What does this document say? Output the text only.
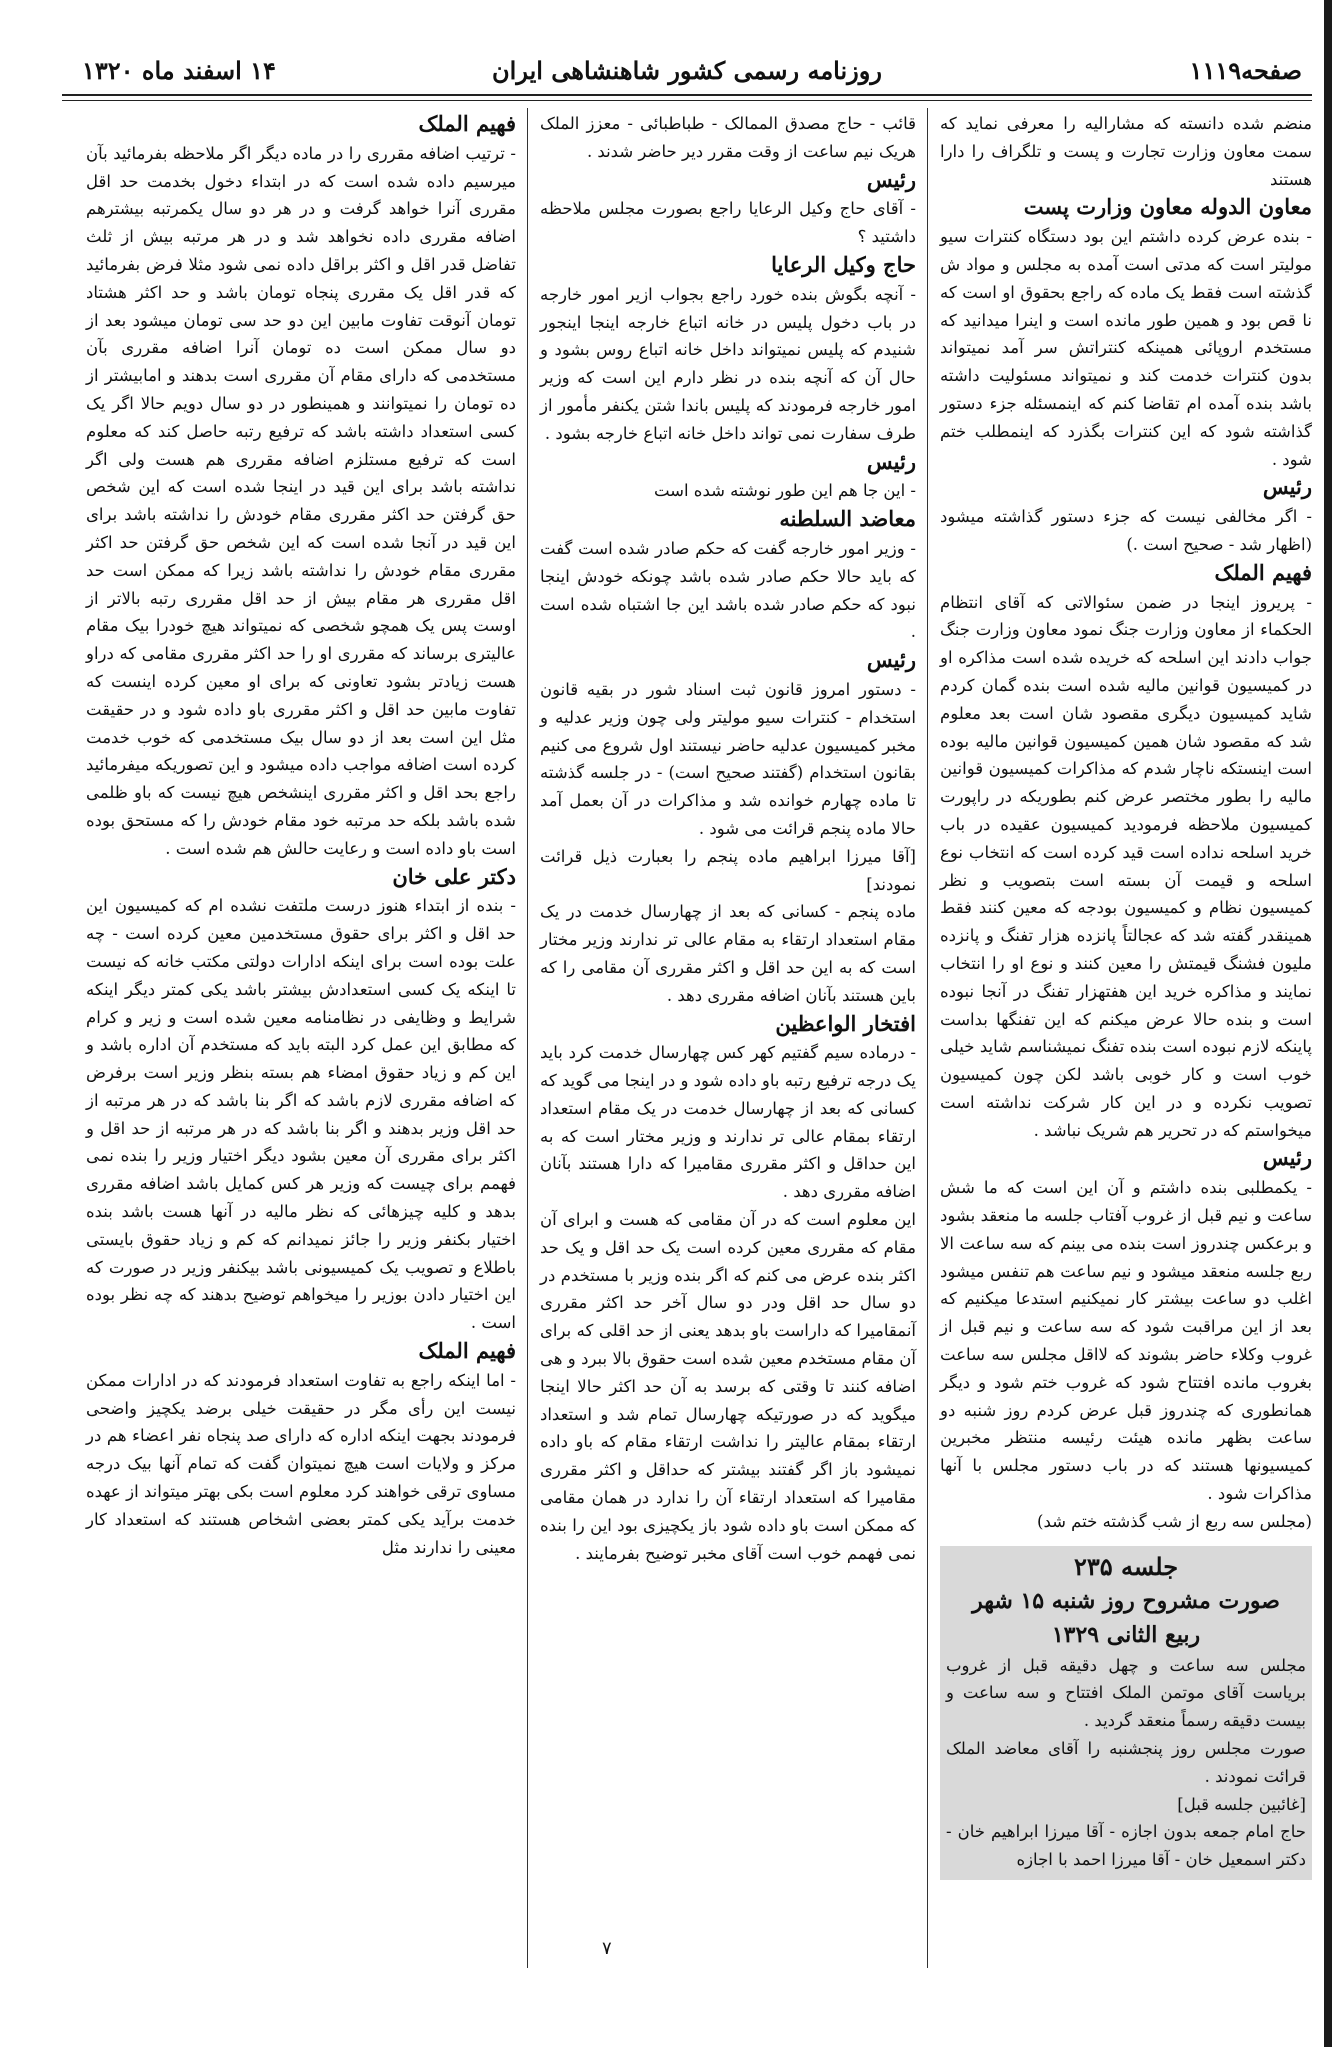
صفحه۱۱۱۹
روزنامه رسمی کشور شاهنشاهی ایران
۱۴ اسفند ماه ۱۳۲۰

منضم شده دانسته که مشارالیه را معرفی نماید که سمت معاون وزارت تجارت و پست و تلگراف را دارا هستند

معاون الدوله معاون وزارت پست

- بنده عرض کرده داشتم این بود دستگاه کنترات سیو مولیتر است که مدتی است آمده به مجلس و مواد ش گذشته است فقط یک ماده که راجع بحقوق او است که نا قص بود و همین طور مانده است و اینرا میدانید که مستخدم اروپائی همینکه کنتراتش سر آمد نمیتواند بدون کنترات خدمت کند و نمیتواند مسئولیت داشته باشد بنده آمده ام تقاضا کنم که اینمسئله جزء دستور گذاشته شود که این کنترات بگذرد که اینمطلب ختم شود .

رئیس

- اگر مخالفی نیست که جزء دستور گذاشته میشود (اظهار شد - صحیح است .)

فهیم الملک

- پریروز اینجا در ضمن سئوالاتی که آقای انتظام الحکماء از معاون وزارت جنگ نمود معاون وزارت جنگ جواب دادند این اسلحه که خریده شده است مذاکره او در کمیسیون قوانین مالیه شده است بنده گمان کردم شاید کمیسیون دیگری مقصود شان است بعد معلوم شد که مقصود شان همین کمیسیون قوانین مالیه بوده است اینستکه ناچار شدم که مذاکرات کمیسیون قوانین مالیه را بطور مختصر عرض کنم بطوریکه در راپورت کمیسیون ملاحظه فرمودید کمیسیون عقیده در باب خرید اسلحه نداده است قید کرده است که انتخاب نوع اسلحه و قیمت آن بسته است بتصویب و نظر کمیسیون نظام و کمیسیون بودجه که معین کنند فقط همینقدر گفته شد که عجالتاً پانزده هزار تفنگ و پانزده ملیون فشنگ قیمتش را معین کنند و نوع او را انتخاب نمایند و مذاکره خرید این هفتهزار تفنگ در آنجا نبوده است و بنده حالا عرض میکنم که این تفنگها بداست پاینکه لازم نبوده است بنده تفنگ نمیشناسم شاید خیلی خوب است و کار خوبی باشد لکن چون کمیسیون تصویب نکرده و در این کار شرکت نداشته است میخواستم که در تحریر هم شریک نباشد .

رئیس

- یکمطلبی بنده داشتم و آن این است که ما شش ساعت و نیم قبل از غروب آفتاب جلسه ما منعقد بشود و برعکس چندروز است بنده می بینم که سه ساعت الا ربع جلسه منعقد میشود و نیم ساعت هم تنفس میشود اغلب دو ساعت بیشتر کار نمیکنیم استدعا میکنیم که بعد از این مراقبت شود که سه ساعت و نیم قبل از غروب وکلاء حاضر بشوند که لااقل مجلس سه ساعت بغروب مانده افتتاح شود که غروب ختم شود و دیگر همانطوری که چندروز قبل عرض کردم روز شنبه دو ساعت بظهر مانده هیئت رئیسه منتظر مخبرین کمیسیونها هستند که در باب دستور مجلس با آنها مذاکرات شود .

(مجلس سه ربع از شب گذشته ختم شد)

جلسه ۲۳۵
صورت مشروح روز شنبه ۱۵ شهر
ربیع الثانی ۱۳۲۹

مجلس سه ساعت و چهل دقیقه قبل از غروب بریاست آقای موتمن الملک افتتاح و سه ساعت و بیست دقیقه رسماً منعقد گردید .

صورت مجلس روز پنجشنبه را آقای معاضد الملک قرائت نمودند .

[غائبین جلسه قبل]

حاج امام جمعه بدون اجازه - آقا میرزا ابراهیم خان - دکتر اسمعیل خان - آقا میرزا احمد با اجازه

قائب - حاج مصدق الممالک - طباطبائی - معزز الملک هریک نیم ساعت از وقت مقرر دیر حاضر شدند .

رئیس

- آقای حاج وکیل الرعایا راجع بصورت مجلس ملاحظه داشتید ؟

حاج وکیل الرعایا

- آنچه بگوش بنده خورد راجع بجواب ازیر امور خارجه در باب دخول پلیس در خانه اتباع خارجه اینجا اینجور شنیدم که پلیس نمیتواند داخل خانه اتباع روس بشود و حال آن که آنچه بنده در نظر دارم این است که وزیر امور خارجه فرمودند که پلیس باندا شتن یکنفر مأمور از طرف سفارت نمی تواند داخل خانه اتباع خارجه بشود .

رئیس

- این جا هم این طور نوشته شده است

معاضد السلطنه

- وزیر امور خارجه گفت که حکم صادر شده است گفت که باید حالا حکم صادر شده باشد چونکه خودش اینجا نبود که حکم صادر شده باشد این جا اشتباه شده است .

رئیس

- دستور امروز قانون ثبت اسناد شور در بقیه قانون استخدام - کنترات سیو مولیتر ولی چون وزیر عدلیه و مخبر کمیسیون عدلیه حاضر نیستند اول شروع می کنیم بقانون استخدام (گفتند صحیح است) - در جلسه گذشته تا ماده چهارم خوانده شد و مذاکرات در آن بعمل آمد حالا ماده پنجم قرائت می شود .

[آقا میرزا ابراهیم ماده پنجم را بعبارت ذیل قرائت نمودند]

ماده پنجم - کسانی که بعد از چهارسال خدمت در یک مقام استعداد ارتقاء به مقام عالی تر ندارند وزیر مختار است که به این حد اقل و اکثر مقرری آن مقامی را که باین هستند بآنان اضافه مقرری دهد .

افتخار الواعظین

- درماده سیم گفتیم کهر کس چهارسال خدمت کرد باید یک درجه ترفیع رتبه باو داده شود و در اینجا می گوید که کسانی که بعد از چهارسال خدمت در یک مقام استعداد ارتقاء بمقام عالی تر ندارند و وزیر مختار است که به این حداقل و اکثر مقرری مقامیرا که دارا هستند بآنان اضافه مقرری دهد .

این معلوم است که در آن مقامی که هست و ابرای آن مقام که مقرری معین کرده است یک حد اقل و یک حد اکثر بنده عرض می کنم که اگر بنده وزیر با مستخدم در دو سال حد اقل ودر دو سال آخر حد اکثر مقرری آنمقامیرا که داراست باو بدهد یعنی از حد اقلی که برای آن مقام مستخدم معین شده است حقوق بالا ببرد و هی اضافه کنند تا وقتی که برسد به آن حد اکثر حالا اینجا میگوید که در صورتیکه چهارسال تمام شد و استعداد ارتقاء بمقام عالیتر را نداشت ارتقاء مقام که باو داده نمیشود باز اگر گفتند بیشتر که حداقل و اکثر مقرری مقامیرا که استعداد ارتقاء آن را ندارد در همان مقامی که ممکن است باو داده شود باز یکچیزی بود این را بنده نمی فهمم خوب است آقای مخبر توضیح بفرمایند .

فهیم الملک

- ترتیب اضافه مقرری را در ماده دیگر اگر ملاحظه بفرمائید بآن میرسیم داده شده است که در ابتداء دخول بخدمت حد اقل مقرری آنرا خواهد گرفت و در هر دو سال یکمرتبه بیشترهم اضافه مقرری داده نخواهد شد و در هر مرتبه بیش از ثلث تفاضل قدر اقل و اکثر براقل داده نمی شود مثلا فرض بفرمائید که قدر اقل یک مقرری پنجاه تومان باشد و حد اکثر هشتاد تومان آنوقت تفاوت مابین این دو حد سی تومان میشود بعد از دو سال ممکن است ده تومان آنرا اضافه مقرری بآن مستخدمی که دارای مقام آن مقرری است بدهند و امابیشتر از ده تومان را نمیتوانند و همینطور در دو سال دویم حالا اگر یک کسی استعداد داشته باشد که ترفیع رتبه حاصل کند که معلوم است که ترفیع مستلزم اضافه مقرری هم هست ولی اگر نداشته باشد برای این قید در اینجا شده است که این شخص حق گرفتن حد اکثر مقرری مقام خودش را نداشته باشد برای این قید در آنجا شده است که این شخص حق گرفتن حد اکثر مقرری مقام خودش را نداشته باشد زیرا که ممکن است حد اقل مقرری هر مقام بیش از حد اقل مقرری رتبه بالاتر از اوست پس یک همچو شخصی که نمیتواند هیچ خودرا بیک مقام عالیتری برساند که مقرری او را حد اکثر مقرری مقامی که دراو هست زیادتر بشود تعاونی که برای او معین کرده اینست که تفاوت مابین حد اقل و اکثر مقرری باو داده شود و در حقیقت مثل این است بعد از دو سال بیک مستخدمی که خوب خدمت کرده است اضافه مواجب داده میشود و این تصوریکه میفرمائید راجع بحد اقل و اکثر مقرری اینشخص هیچ نیست که باو ظلمی شده باشد بلکه حد مرتبه خود مقام خودش را که مستحق بوده است باو داده است و رعایت حالش هم شده است .

دکتر علی خان

- بنده از ابتداء هنوز درست ملتفت نشده ام که کمیسیون این حد اقل و اکثر برای حقوق مستخدمین معین کرده است - چه علت بوده است برای اینکه ادارات دولتی مکتب خانه که نیست تا اینکه یک کسی استعدادش بیشتر باشد یکی کمتر دیگر اینکه شرایط و وظایفی در نظامنامه معین شده است و زیر و کرام که مطابق این عمل کرد البته باید که مستخدم آن اداره باشد و این کم و زیاد حقوق امضاء هم بسته بنظر وزیر است برفرض که اضافه مقرری لازم باشد که اگر بنا باشد که در هر مرتبه از حد اقل وزیر بدهند و اگر بنا باشد که در هر مرتبه از حد اقل و اکثر برای مقرری آن معین بشود دیگر اختیار وزیر را بنده نمی فهمم برای چیست که وزیر هر کس کمایل باشد اضافه مقرری بدهد و کلیه چیزهائی که نظر مالیه در آنها هست باشد بنده اختیار بکنفر وزیر را جائز نمیدانم که کم و زیاد حقوق بایستی باطلاع و تصویب یک کمیسیونی باشد بیکنفر وزیر در صورت که این اختیار دادن بوزیر را میخواهم توضیح بدهند که چه نظر بوده است .

فهیم الملک

- اما اینکه راجع به تفاوت استعداد فرمودند که در ادارات ممکن نیست این رأی مگر در حقیقت خیلی برضد یکچیز واضحی فرمودند بجهت اینکه اداره که دارای صد پنجاه نفر اعضاء هم در مرکز و ولایات است هیچ نمیتوان گفت که تمام آنها بیک درجه مساوی ترقی خواهند کرد معلوم است بکی بهتر میتواند از عهده خدمت برآید یکی کمتر بعضی اشخاص هستند که استعداد کار معینی را ندارند مثل

۷
